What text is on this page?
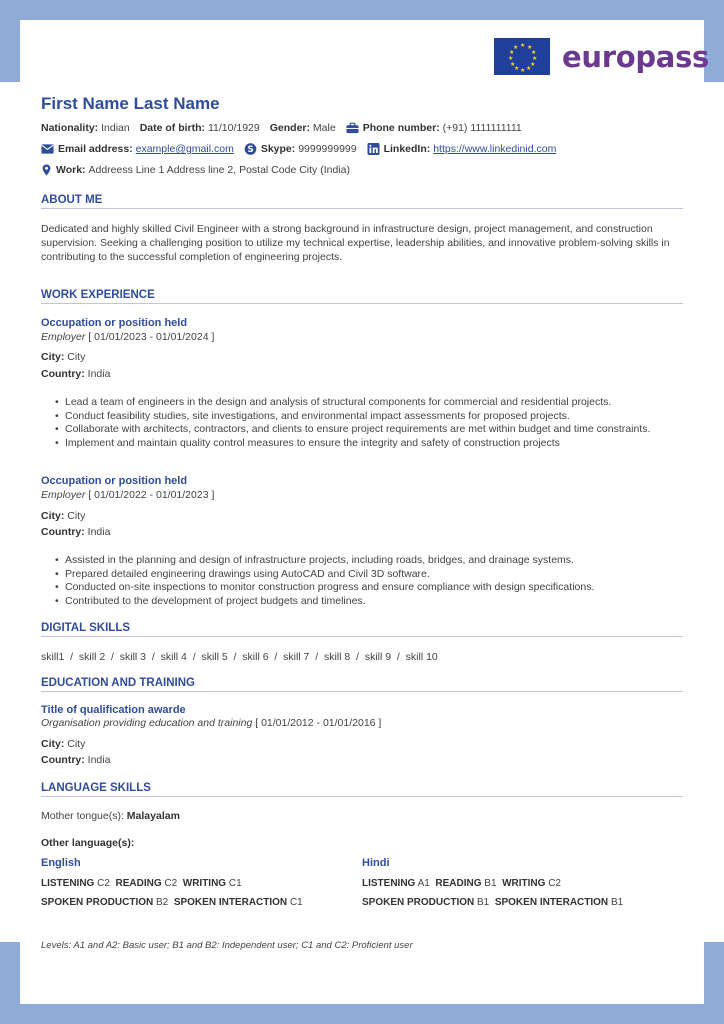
★ ★
★
★
★
★
★
★
★
★
★
★ europass
First Name Last Name
Nationality:
Indian Date of birth:
11/10/1929 Gender:
Male	Phone number:
(+91) 1111111111
Email address:
example@gmail.com S Skype:
9999999999	LinkedIn:
https://www.linkedinid.com
Work:
Addreess Line 1 Address line 2, Postal Code City (India)
ABOUT ME
Dedicated and highly skilled Civil Engineer with a strong background in infrastructure design, project management, and construction supervision. Seeking a challenging position to utilize my technical expertise, leadership abilities, and innovative problem-solving skills in contributing to the successful completion of engineering projects.
WORK EXPERIENCE
Occupation or position held
Employer [ 01/01/2023 - 01/01/2024 ]
City: City
Country: India
• Lead a team of engineers in the design and analysis of structural components for commercial and residential projects.
• Conduct feasibility studies, site investigations, and environmental impact assessments for proposed projects.
• Collaborate with architects, contractors, and clients to ensure project requirements are met within budget and time constraints.
• Implement and maintain quality control measures to ensure the integrity and safety of construction projects
Occupation or position held
Employer [ 01/01/2022 - 01/01/2023 ]
City: City
Country: India
• Assisted in the planning and design of infrastructure projects, including roads, bridges, and drainage systems.
• Prepared detailed engineering drawings using AutoCAD and Civil 3D software.
• Conducted on-site inspections to monitor construction progress and ensure compliance with design speciﬁcations.
• Contributed to the development of project budgets and timelines.
DIGITAL SKILLS
skill1  /  skill 2  /  skill 3  /  skill 4  /  skill 5  /  skill 6  /  skill 7  /  skill 8  /  skill 9  /  skill 10
EDUCATION AND TRAINING
Title of qualiﬁcation awarde
Organisation providing education and training [ 01/01/2012 - 01/01/2016 ]
City: City
Country: India
LANGUAGE SKILLS
Mother tongue(s): Malayalam
Other language(s):
English
LISTENING C2 READING C2 WRITING C1
SPOKEN PRODUCTION B2 SPOKEN INTERACTION C1
Hindi
LISTENING A1 READING B1 WRITING C2
SPOKEN PRODUCTION B1 SPOKEN INTERACTION B1
Levels: A1 and A2: Basic user; B1 and B2: Independent user; C1 and C2: Proﬁcient user
